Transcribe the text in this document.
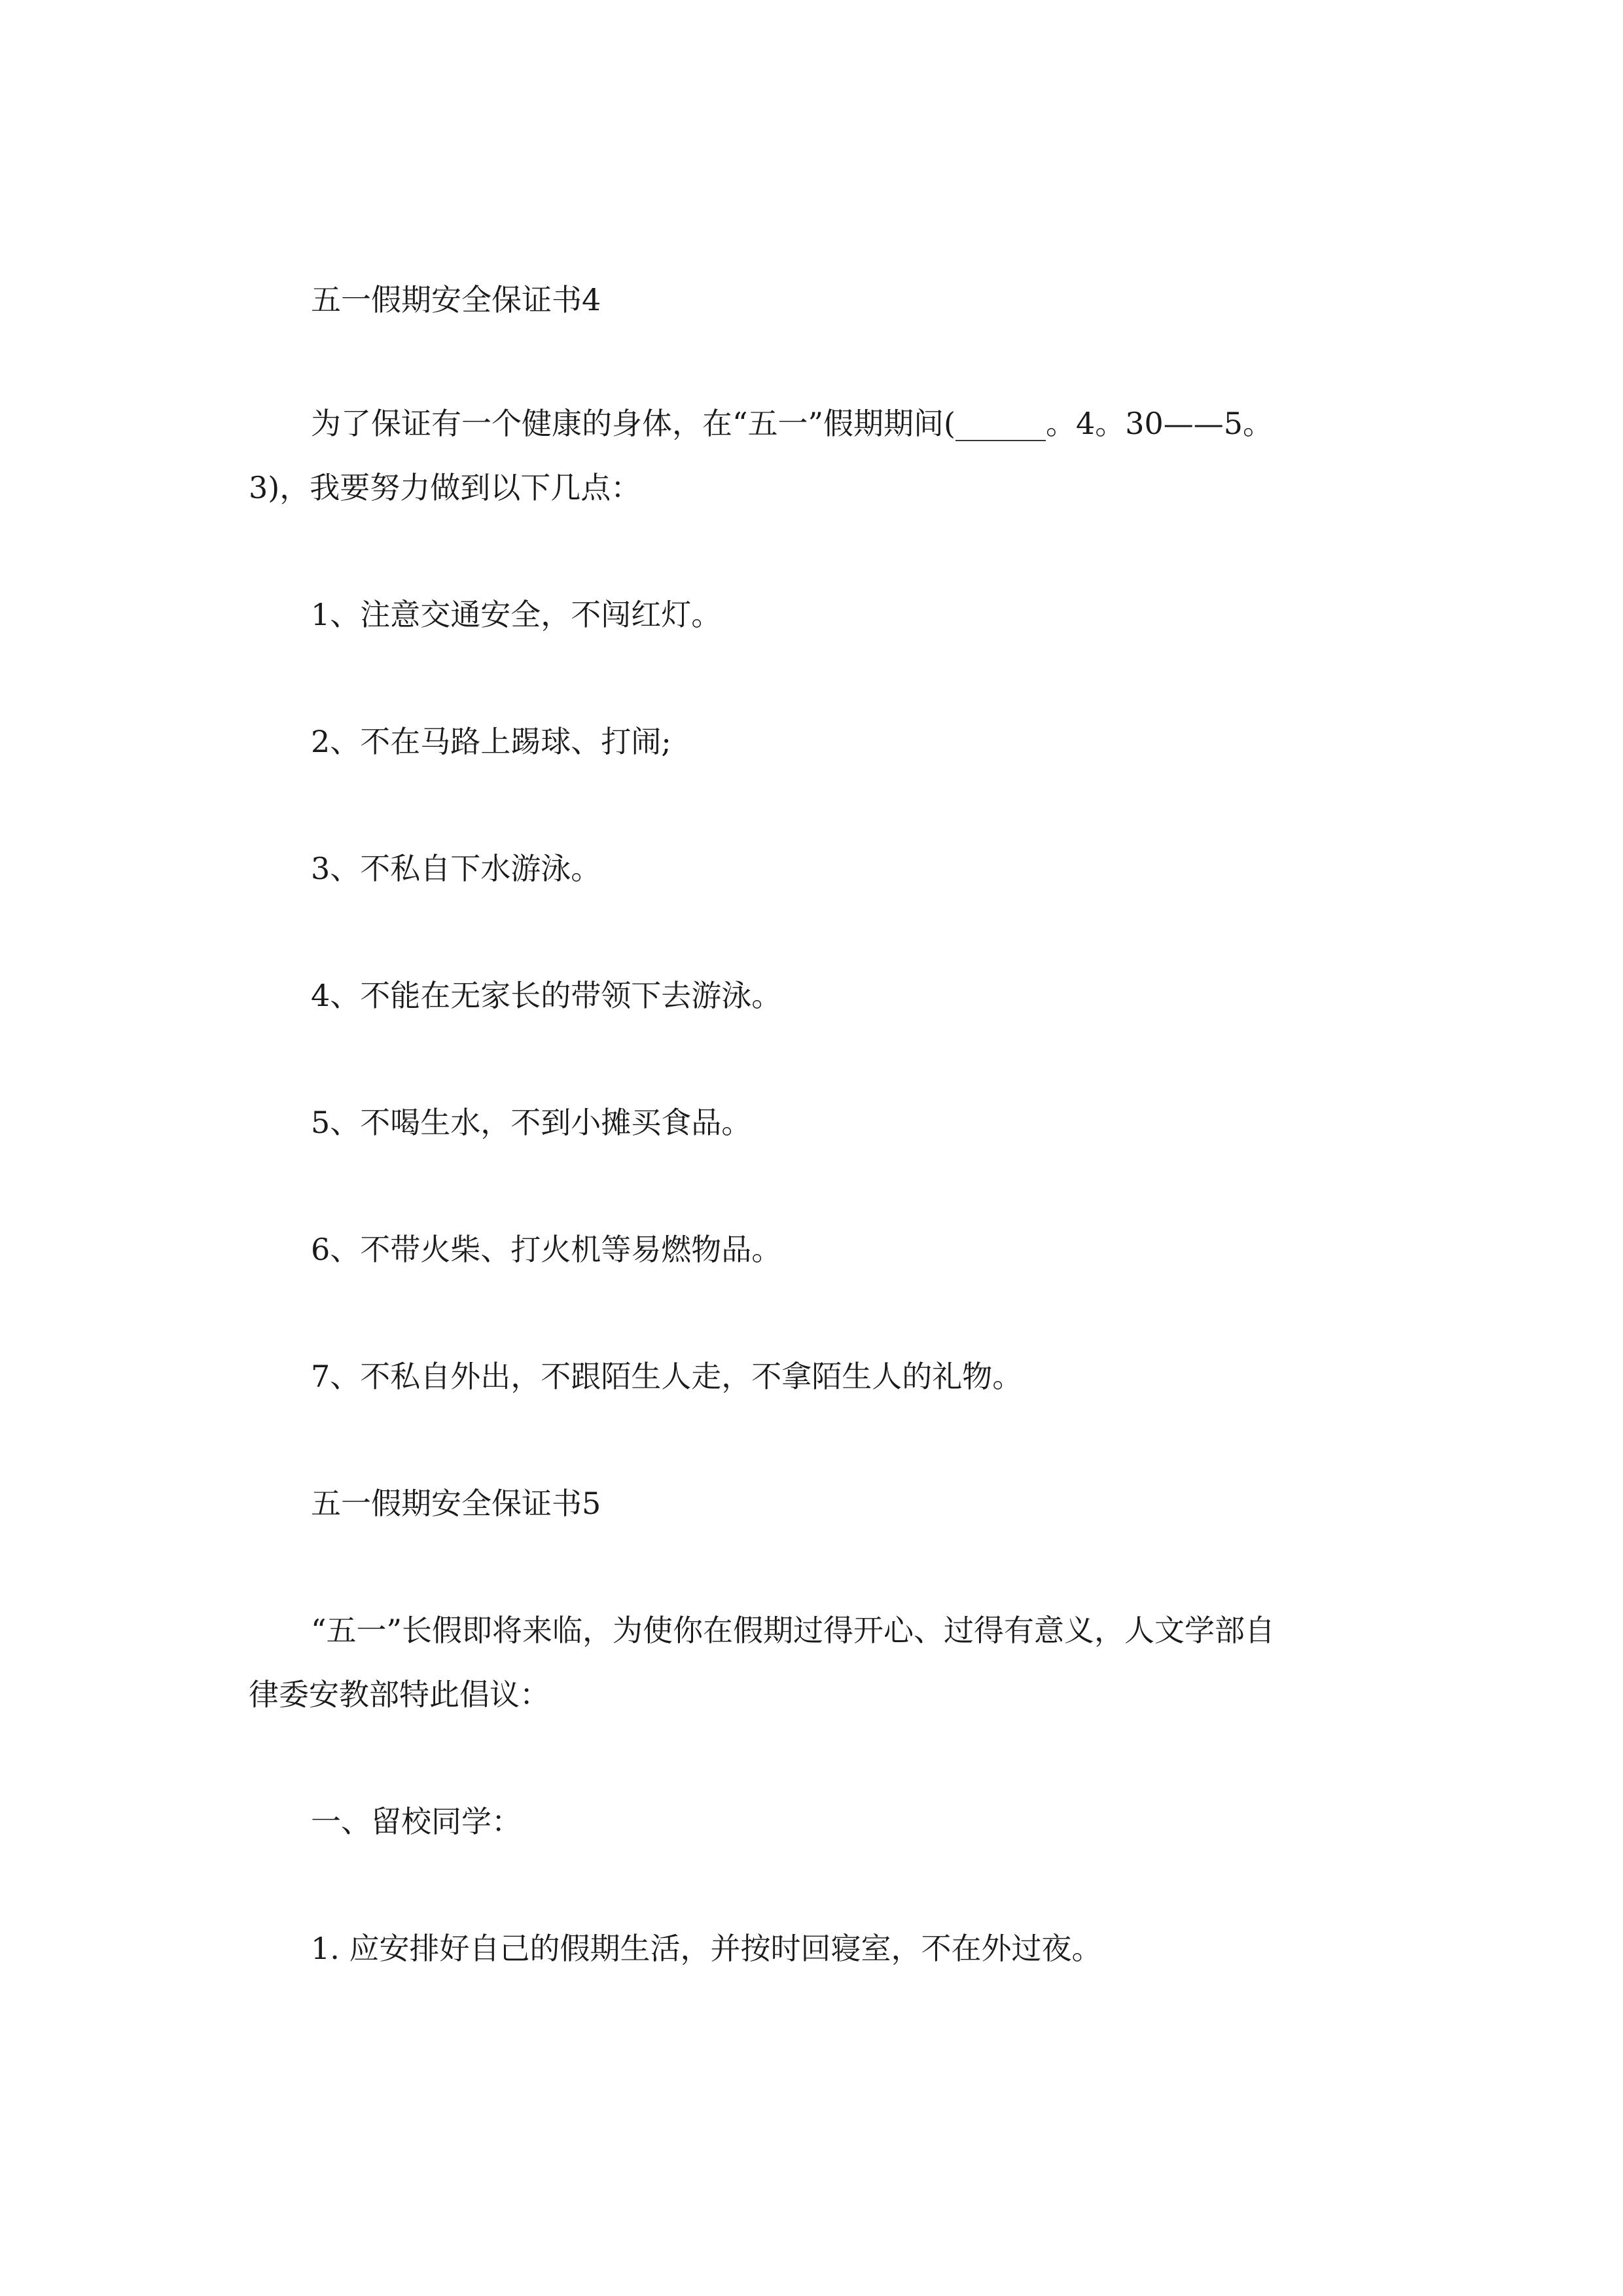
五一假期安全保证书4

为了保证有一个健康的身体，在“五一”假期期间(______。4。30——5。

3)，我要努力做到以下几点：

1、注意交通安全，不闯红灯。

2、不在马路上踢球、打闹;

3、不私自下水游泳。

4、不能在无家长的带领下去游泳。

5、不喝生水，不到小摊买食品。

6、不带火柴、打火机等易燃物品。

7、不私自外出，不跟陌生人走，不拿陌生人的礼物。

五一假期安全保证书5

“五一”长假即将来临，为使你在假期过得开心、过得有意义，人文学部自

律委安教部特此倡议：

一、留校同学：

1. 应安排好自己的假期生活，并按时回寝室，不在外过夜。
